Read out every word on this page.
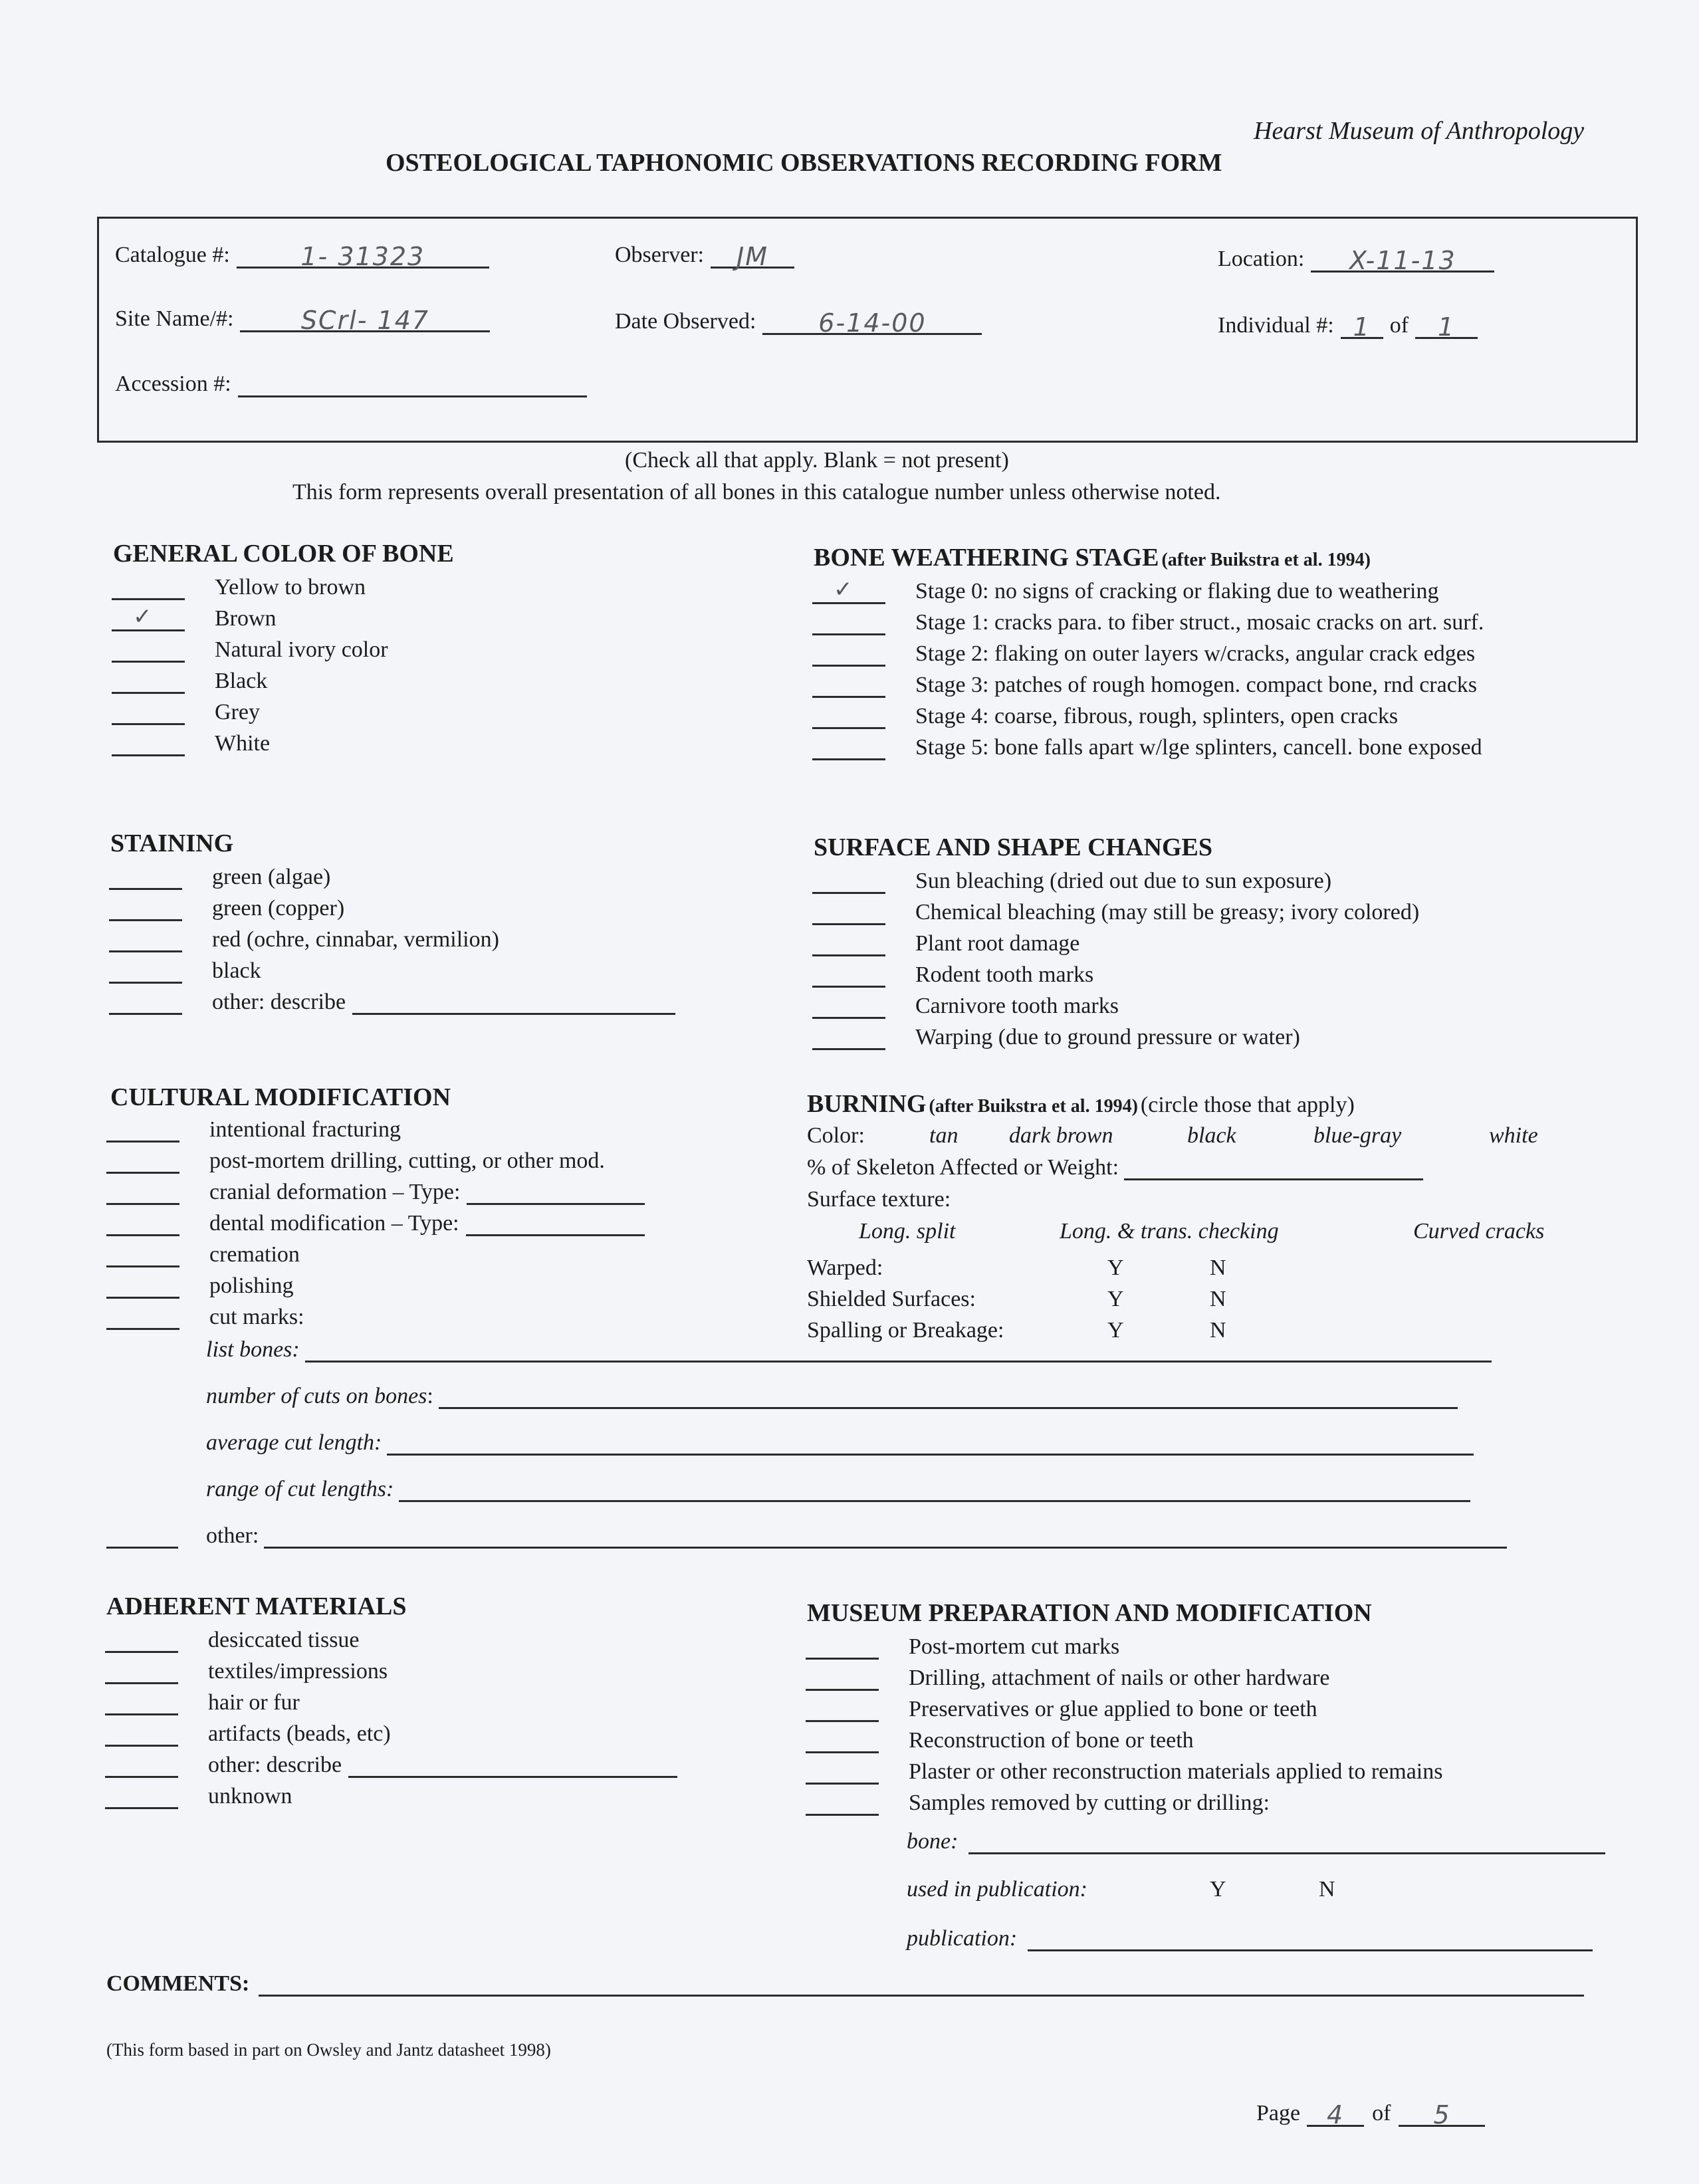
Hearst Museum of Anthropology
OSTEOLOGICAL TAPHONOMIC OBSERVATIONS RECORDING FORM
Catalogue #:	1- 31323	Observer:	JM	Location:	X-11-13
Site Name/#:	SCrl- 147	Date Observed:	6-14-00	Individual #: 1 of	1
Accession #:
(Check all that apply. Blank = not present)
This form represents overall presentation of all bones in this catalogue number unless otherwise noted.
GENERAL COLOR OF BONE
Yellow to brown
✓	Brown
Natural ivory color
Black
Grey
White
BONE WEATHERING STAGE (after Buikstra et al. 1994)
✓	Stage 0: no signs of cracking or flaking due to weathering
Stage 1: cracks para. to fiber struct., mosaic cracks on art. surf.
Stage 2: flaking on outer layers w/cracks, angular crack edges
Stage 3: patches of rough homogen. compact bone, rnd cracks
Stage 4: coarse, fibrous, rough, splinters, open cracks
Stage 5: bone falls apart w/lge splinters, cancell. bone exposed
STAINING
green (algae)
green (copper)
red (ochre, cinnabar, vermilion)
black
other: describe
SURFACE AND SHAPE CHANGES
Sun bleaching (dried out due to sun exposure)
Chemical bleaching (may still be greasy; ivory colored)
Plant root damage
Rodent tooth marks
Carnivore tooth marks
Warping (due to ground pressure or water)
CULTURAL MODIFICATION
intentional fracturing
post-mortem drilling, cutting, or other mod.
cranial deformation – Type:
dental modification – Type:
cremation
polishing
cut marks:
list bones:
number of cuts on bones :
average cut length:
range of cut lengths:
other:
BURNING (after Buikstra et al. 1994) (circle those that apply)
Color:	tan dark brown	black	blue-gray	white
% of Skeleton Affected or Weight:
Surface texture:
Long. split	Long. & trans. checking	Curved cracks
Warped:	Y	N
Shielded Surfaces:	Y	N
Spalling or Breakage:	Y	N
ADHERENT MATERIALS
desiccated tissue
textiles/impressions
hair or fur
artifacts (beads, etc)
other: describe
unknown
MUSEUM PREPARATION AND MODIFICATION
Post-mortem cut marks
Drilling, attachment of nails or other hardware
Preservatives or glue applied to bone or teeth
Reconstruction of bone or teeth
Plaster or other reconstruction materials applied to remains
Samples removed by cutting or drilling:
bone:
used in publication:	Y	N
publication:
COMMENTS:
(This form based in part on Owsley and Jantz datasheet 1998)
Page	4	of	5
